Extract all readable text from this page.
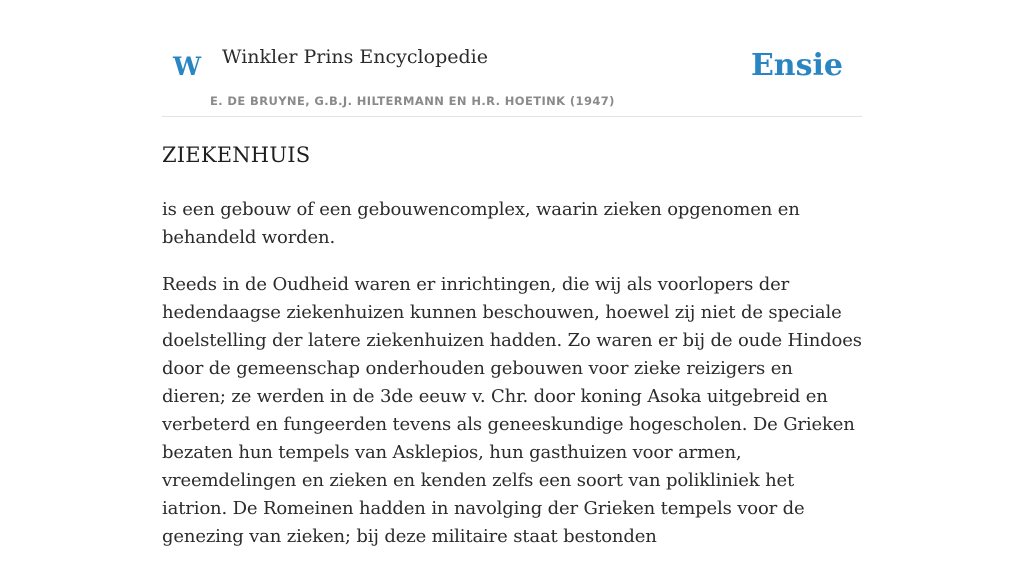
W Winkler Prins Encyclopedie
E. DE BRUYNE, G.B.J. HILTERMANN EN H.R. HOETINK (1947)
Ensie
ZIEKENHUIS

is een gebouw of een gebouwencomplex, waarin zieken opgenomen en behandeld worden.

Reeds in de Oudheid waren er inrichtingen, die wij als voorlopers der hedendaagse ziekenhuizen kunnen beschouwen, hoewel zij niet de speciale doelstelling der latere ziekenhuizen hadden. Zo waren er bij de oude Hindoes door de gemeenschap onderhouden gebouwen voor zieke reizigers en dieren; ze werden in de 3de eeuw v. Chr. door koning Asoka uitgebreid en verbeterd en fungeerden tevens als geneeskundige hogescholen. De Grieken bezaten hun tempels van Asklepios, hun gasthuizen voor armen, vreemdelingen en zieken en kenden zelfs een soort van polikliniek het iatrion. De Romeinen hadden in navolging der Grieken tempels voor de genezing van zieken; bij deze militaire staat bestonden
